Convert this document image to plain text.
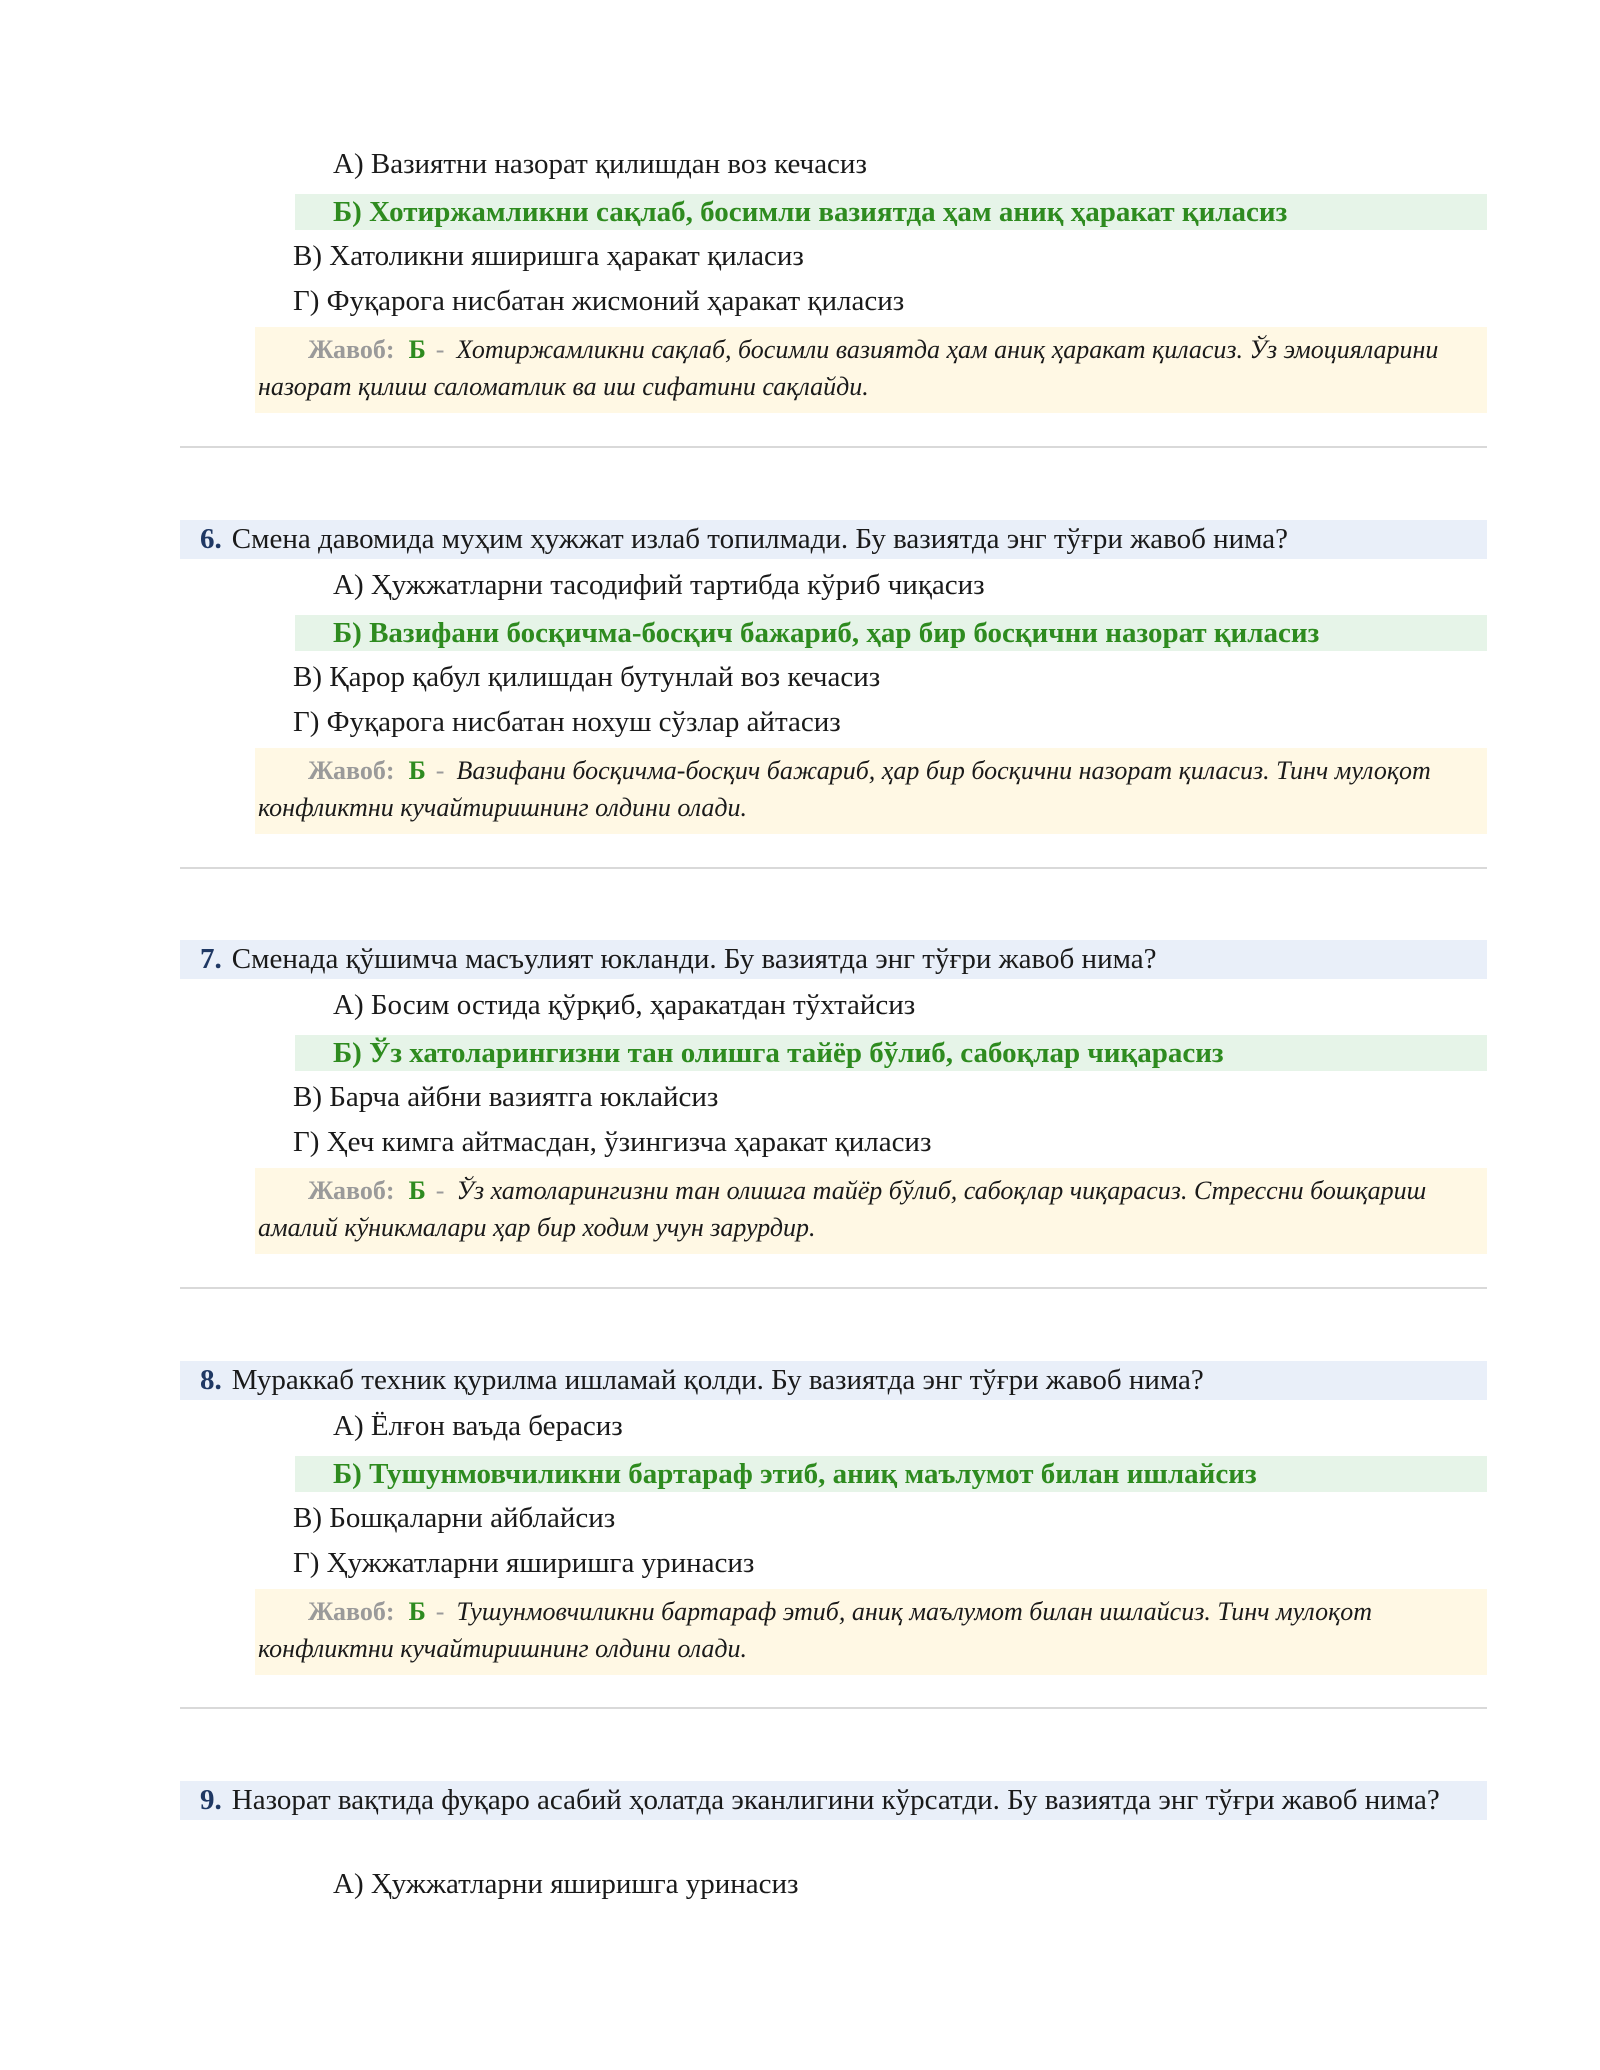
А) Вазиятни назорат қилишдан воз кечасиз
Б) Хотиржамликни сақлаб, босимли вазиятда ҳам аниқ ҳаракат қиласиз
В) Хатоликни яширишга ҳаракат қиласиз
Г) Фуқарога нисбатан жисмоний ҳаракат қиласиз
Жавоб: Б - Хотиржамликни сақлаб, босимли вазиятда ҳам аниқ ҳаракат қиласиз. Ўз эмоцияларини назорат қилиш саломатлик ва иш сифатини сақлайди.
6. Смена давомида муҳим ҳужжат излаб топилмади. Бу вазиятда энг тўғри жавоб нима?
А) Ҳужжатларни тасодифий тартибда кўриб чиқасиз
Б) Вазифани босқичма-босқич бажариб, ҳар бир босқични назорат қиласиз
В) Қарор қабул қилишдан бутунлай воз кечасиз
Г) Фуқарога нисбатан нохуш сўзлар айтасиз
Жавоб: Б - Вазифани босқичма-босқич бажариб, ҳар бир босқични назорат қиласиз. Тинч мулоқот конфликтни кучайтиришнинг олдини олади.
7. Сменада қўшимча масъулият юкланди. Бу вазиятда энг тўғри жавоб нима?
А) Босим остида қўрқиб, ҳаракатдан тўхтайсиз
Б) Ўз хатоларингизни тан олишга тайёр бўлиб, сабоқлар чиқарасиз
В) Барча айбни вазиятга юклайсиз
Г) Ҳеч кимга айтмасдан, ўзингизча ҳаракат қиласиз
Жавоб: Б - Ўз хатоларингизни тан олишга тайёр бўлиб, сабоқлар чиқарасиз. Стрессни бошқариш амалий кўникмалари ҳар бир ходим учун зарурдир.
8. Мураккаб техник қурилма ишламай қолди. Бу вазиятда энг тўғри жавоб нима?
А) Ёлғон ваъда берасиз
Б) Тушунмовчиликни бартараф этиб, аниқ маълумот билан ишлайсиз
В) Бошқаларни айблайсиз
Г) Ҳужжатларни яширишга уринасиз
Жавоб: Б - Тушунмовчиликни бартараф этиб, аниқ маълумот билан ишлайсиз. Тинч мулоқот конфликтни кучайтиришнинг олдини олади.
9. Назорат вақтида фуқаро асабий ҳолатда эканлигини кўрсатди. Бу вазиятда энг тўғри жавоб нима?
А) Ҳужжатларни яширишга уринасиз
